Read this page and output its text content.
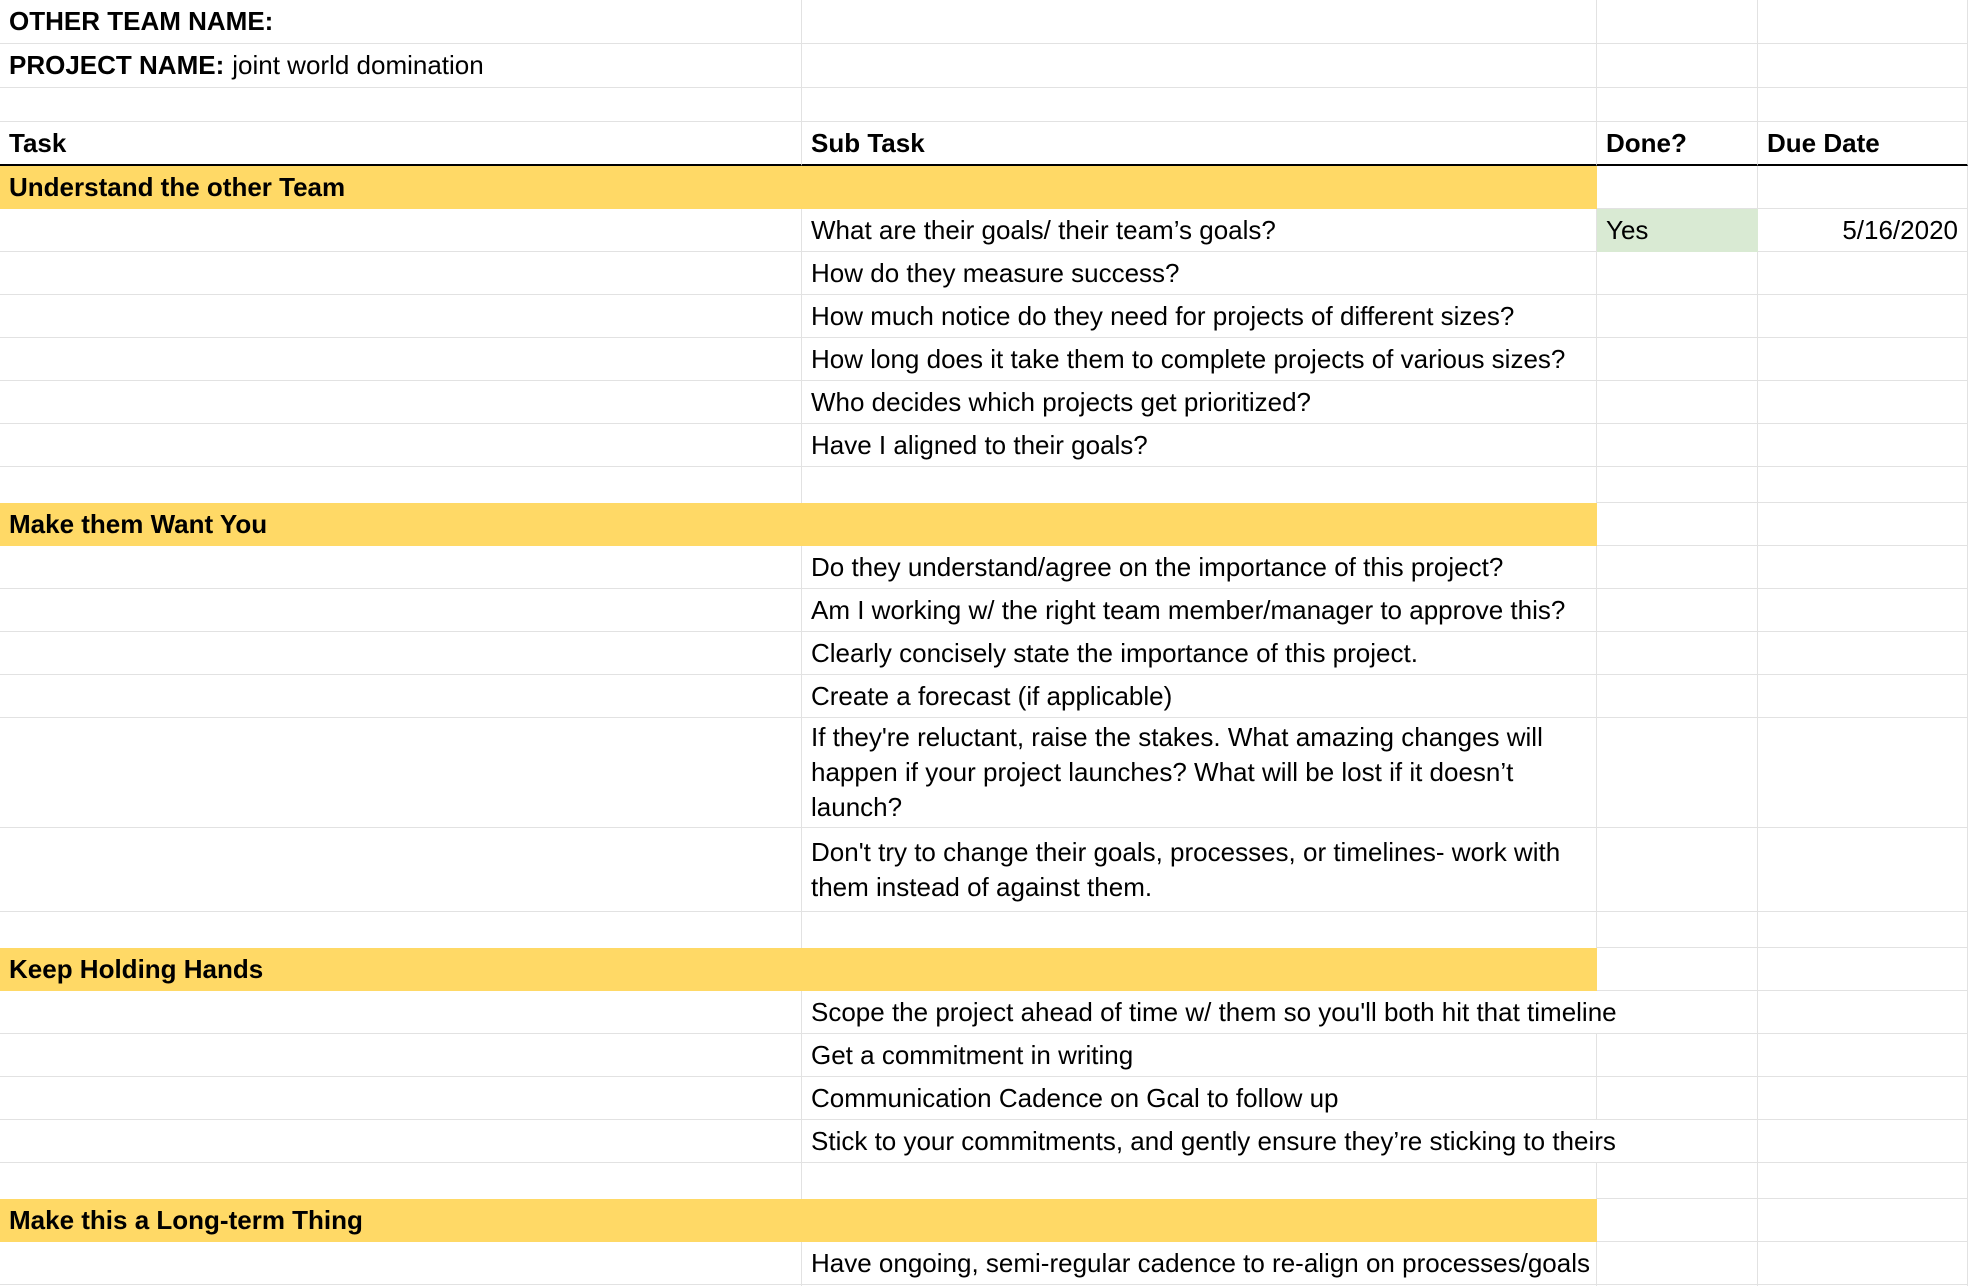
OTHER TEAM NAME:
PROJECT NAME: joint world domination
Task	Sub Task	Done?	Due Date
Understand the other Team
What are their goals/ their team’s goals?	Yes	5/16/2020
How do they measure success?
How much notice do they need for projects of different sizes?
How long does it take them to complete projects of various sizes?
Who decides which projects get prioritized?
Have I aligned to their goals?
Make them Want You
Do they understand/agree on the importance of this project?
Am I working w/ the right team member/manager to approve this?
Clearly concisely state the importance of this project.
Create a forecast (if applicable)
If they're reluctant, raise the stakes. What amazing changes will happen if your project launches? What will be lost if it doesn’t launch?
Don't try to change their goals, processes, or timelines- work with them instead of against them.
Keep Holding Hands
Scope the project ahead of time w/ them so you'll both hit that timeline
Get a commitment in writing
Communication Cadence on Gcal to follow up
Stick to your commitments, and gently ensure they’re sticking to theirs
Make this a Long-term Thing
Have ongoing, semi-regular cadence to re-align on processes/goals
